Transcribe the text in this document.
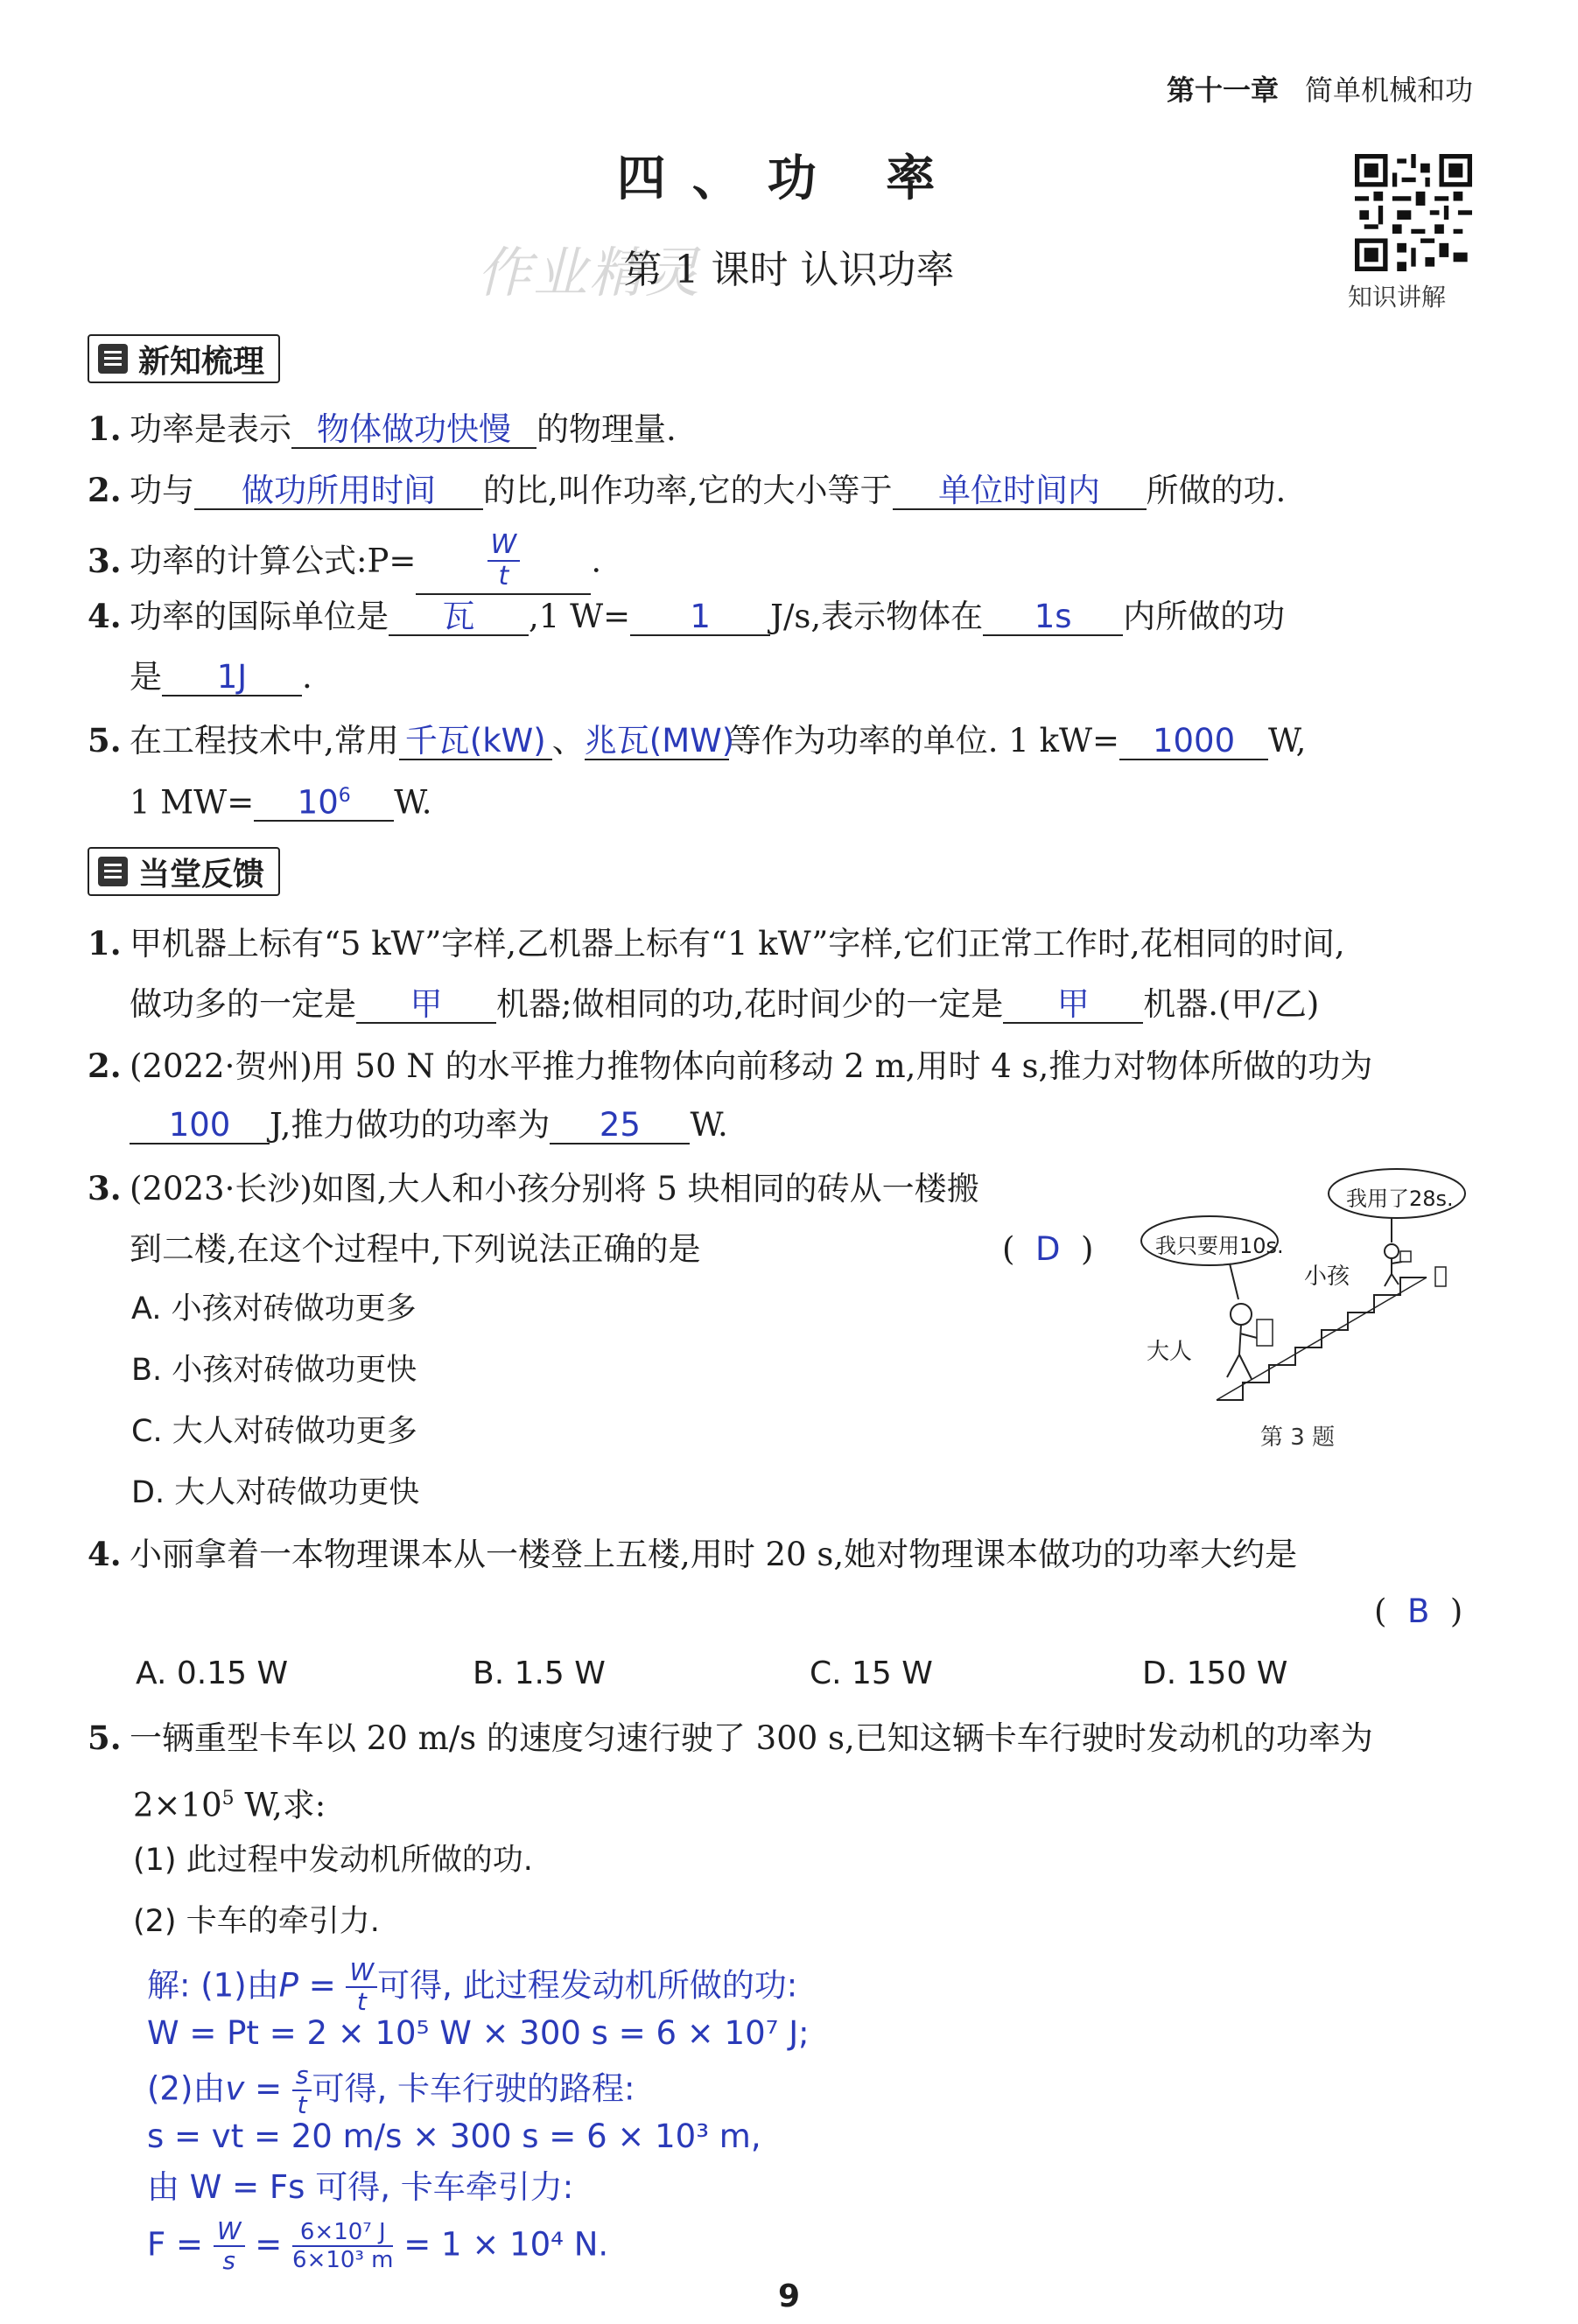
第十一章 简单机械和功
四、功 率
作业精灵
第 1 课时 认识功率
知识讲解
新知梳理
1. 功率是表示 物体做功快慢 的物理量.
2. 功与 做功所用时间 的比,叫作功率,它的大小等于 单位时间内 所做的功.
3. 功率的计算公式:P=	$\frac{W}{t}$ .
4. 功率的国际单位是 瓦 ,1 W= 1 J/s,表示物体在 1s 内所做的功
是 1J .
5. 在工程技术中,常用 千瓦(kW) 、兆瓦(MW)等作为功率的单位. 1 kW= 1000 W,
1 $MW= 10^6$ W.
当堂反馈
1. 甲机器上标有“5 kW”字样,乙机器上标有“1 kW”字样,它们正常工作时,花相同的时间,
做功多的一定是 甲 机器;做相同的功,花时间少的一定是 甲 机器.(甲/乙)
2. (2022·贺州)用 50 N 的水平推力推物体向前移动 2 m,用时 4 s,推力对物体所做的功为
100 J,推力做功的功率为 25 W.
3. (2023·长沙)如图,大人和小孩分别将 5 块相同的砖从一楼搬
到二楼,在这个过程中,下列说法正确的是	(  D  )
A. 小孩对砖做功更多
B. 小孩对砖做功更快
C. 大人对砖做功更多
D. 大人对砖做功更快
我只要用10s.
我用了28s.
大人
小孩
第 3 题
4. 小丽拿着一本物理课本从一楼登上五楼,用时 20 s,她对物理课本做功的功率大约是
(  B  )
A. 0.15 W	B. 1.5 W	C. 15 W	D. 150 W
5. 一辆重型卡车以 20 m/s 的速度匀速行驶了 300 s,已知这辆卡车行驶时发动机的功率为
$2\times 10^5$ W,求:
(1) 此过程中发动机所做的功.
(2) 卡车的牵引力.
解: (1)由$P = \frac{W}{t}$ 可得, 此过程发动机所做的功:
W = Pt = 2 × 10⁵ W × 300 s = 6 × 10⁷ J;
(2)由$v = \frac{s}{t}$ 可得, 卡车行驶的路程:
s = vt = 20 m/s × 300 s = 6 × 10³ m,
由 W = Fs 可得, 卡车牵引力:
$F = \frac{W}{s} = \frac{\text{6×10⁷ J}}{\text{6×10³ m}} = 1 \times 10^4$ N.
9
